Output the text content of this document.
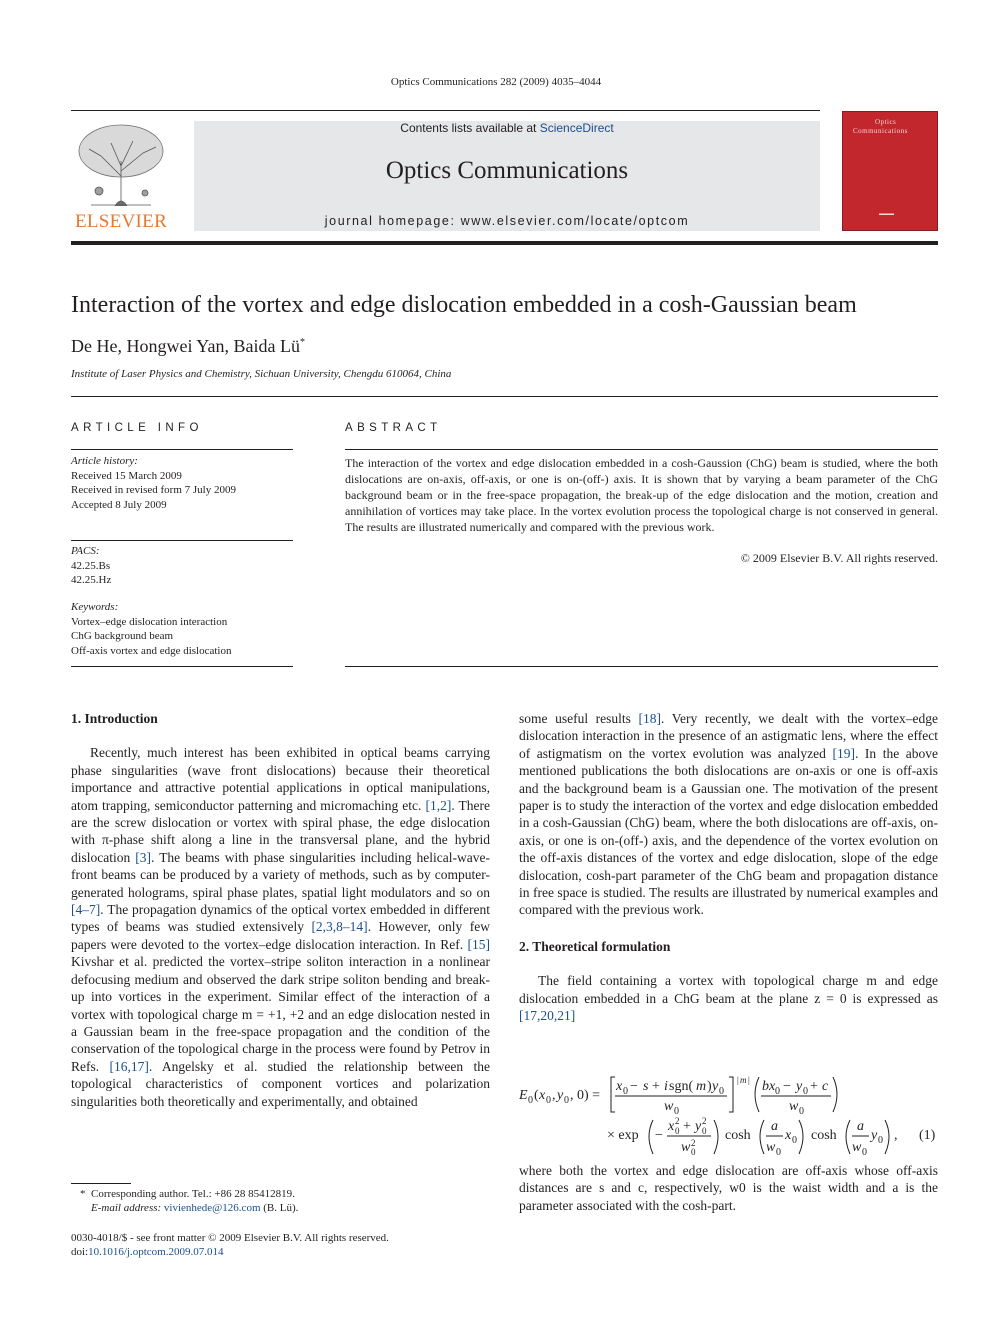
Optics Communications 282 (2009) 4035–4044
ELSEVIER
Contents lists available at ScienceDirect
Optics Communications
journal homepage: www.elsevier.com/locate/optcom
Optics
Communications
▬▬▬
Interaction of the vortex and edge dislocation embedded in a cosh-Gaussian beam
De He, Hongwei Yan, Baida Lü*
Institute of Laser Physics and Chemistry, Sichuan University, Chengdu 610064, China
ARTICLE INFO
Article history:
Received 15 March 2009
Received in revised form 7 July 2009
Accepted 8 July 2009
PACS:
42.25.Bs
42.25.Hz
Keywords:
Vortex–edge dislocation interaction
ChG background beam
Off-axis vortex and edge dislocation
ABSTRACT
The interaction of the vortex and edge dislocation embedded in a cosh-Gaussion (ChG) beam is studied, where the both dislocations are on-axis, off-axis, or one is on-(off-) axis. It is shown that by varying a beam parameter of the ChG background beam or in the free-space propagation, the break-up of the edge dislocation and the motion, creation and annihilation of vortices may take place. In the vortex evolution process the topological charge is not conserved in general. The results are illustrated numerically and compared with the previous work.
© 2009 Elsevier B.V. All rights reserved.
1. Introduction

Recently, much interest has been exhibited in optical beams carrying phase singularities (wave front dislocations) because their theoretical importance and attractive potential applications in optical manipulations, atom trapping, semiconductor patterning and micromaching etc. [1,2]. There are the screw dislocation or vortex with spiral phase, the edge dislocation with π-phase shift along a line in the transversal plane, and the hybrid dislocation [3]. The beams with phase singularities including helical-wave-front beams can be produced by a variety of methods, such as by computer-generated holograms, spiral phase plates, spatial light modulators and so on [4–7]. The propagation dynamics of the optical vortex embedded in different types of beams was studied extensively [2,3,8–14]. However, only few papers were devoted to the vortex–edge dislocation interaction. In Ref. [15] Kivshar et al. predicted the vortex–stripe soliton interaction in a nonlinear defocusing medium and observed the dark stripe soliton bending and break-up into vortices in the experiment. Similar effect of the interaction of a vortex with topological charge m = +1, +2 and an edge dislocation nested in a Gaussian beam in the free-space propagation and the condition of the conservation of the topological charge in the process were found by Petrov in Refs. [16,17]. Angelsky et al. studied the relationship between the topological characteristics of component vortices and polarization singularities both theoretically and experimentally, and obtained

* Corresponding author. Tel.: +86 28 85412819.
E-mail address: vivienhede@126.com (B. Lü).
0030-4018/$ - see front matter © 2009 Elsevier B.V. All rights reserved.
doi:10.1016/j.optcom.2009.07.014

some useful results [18]. Very recently, we dealt with the vortex–edge dislocation interaction in the presence of an astigmatic lens, where the effect of astigmatism on the vortex evolution was analyzed [19]. In the above mentioned publications the both dislocations are on-axis or one is off-axis and the background beam is a Gaussian one. The motivation of the present paper is to study the interaction of the vortex and edge dislocation embedded in a cosh-Gaussian (ChG) beam, where the both dislocations are off-axis, on-axis, or one is on-(off-) axis, and the dependence of the vortex evolution on the off-axis distances of the vortex and edge dislocation, slope of the edge dislocation, cosh-part parameter of the ChG beam and propagation distance in free space is studied. The results are illustrated by numerical examples and compared with the previous work.

2. Theoretical formulation

The field containing a vortex with topological charge m and edge dislocation embedded in a ChG beam at the plane z = 0 is expressed as [17,20,21]

E 0 ( x 0 , y 0 , 0) =
x 0 − s + i sgn( m ) y 0
w 0
| m | bx 0 − y 0 + c
w 0
× exp −
x 2
0 + y 2
0
w 2
0
cosh
a
w 0
x 0 cosh
a
w 0
y 0 , (1)
where both the vortex and edge dislocation are off-axis whose off-axis distances are s and c, respectively, w0 is the waist width and a is the parameter associated with the cosh-part.
